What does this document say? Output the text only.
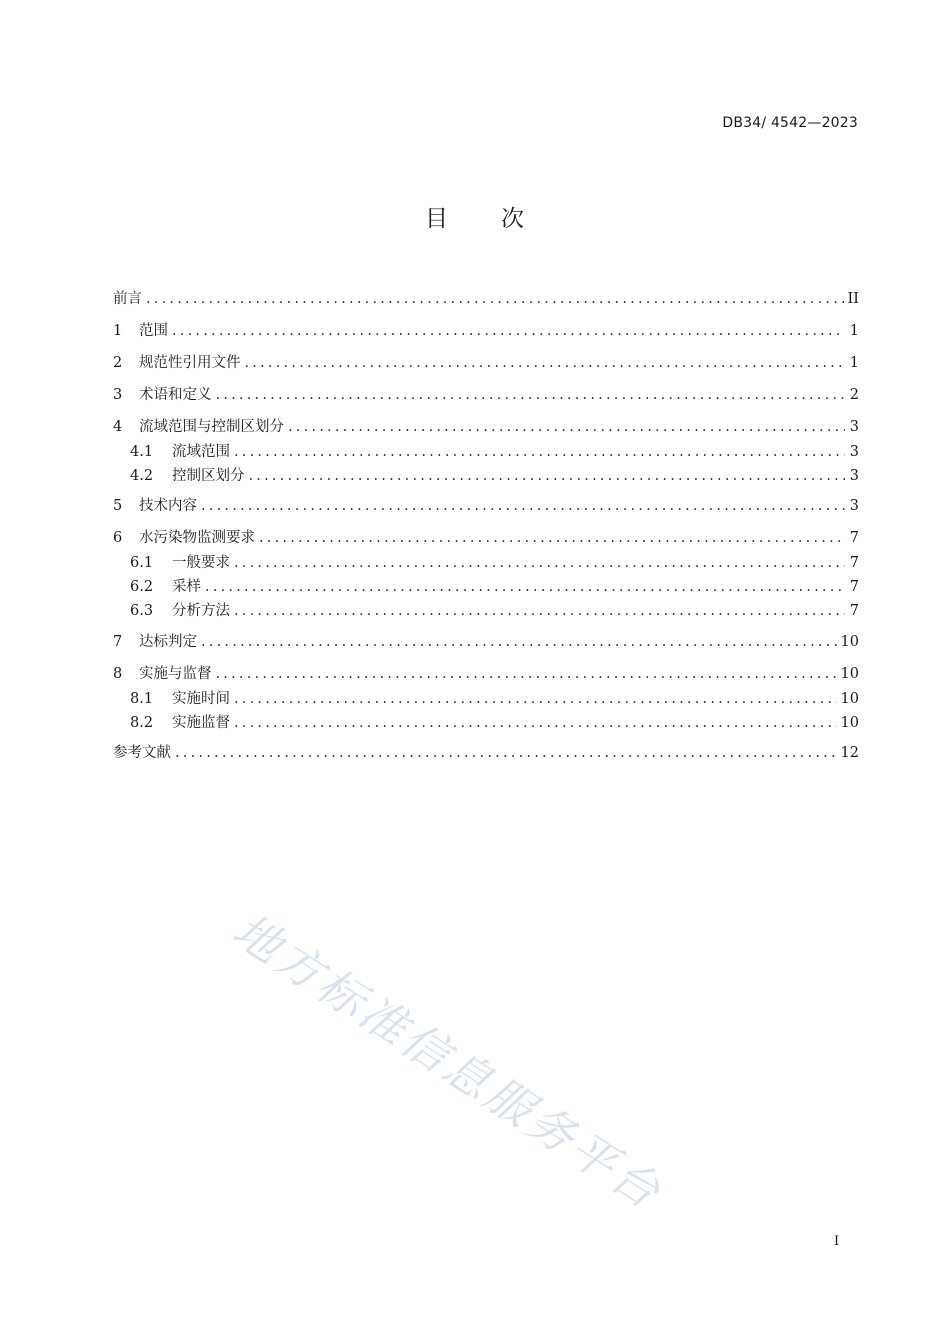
DB34/ 4542—2023
目 次
前言 .....	II
1	范围 .....	1
2	规范性引用文件 .....	1
3	术语和定义 .....	2
4	流域范围与控制区划分 .....	3
4.1	流域范围 .....	3
4.2	控制区划分 .....	3
5	技术内容 .....	3
6	水污染物监测要求 .....	7
6.1	一般要求 .....	7
6.2	采样 .....	7
6.3	分析方法 .....	7
7	达标判定 .....	10
8	实施与监督 .....	10
8.1	实施时间 .....	10
8.2	实施监督 .....	10
参考文献 .....	12
地方标准信息服务平台
I
